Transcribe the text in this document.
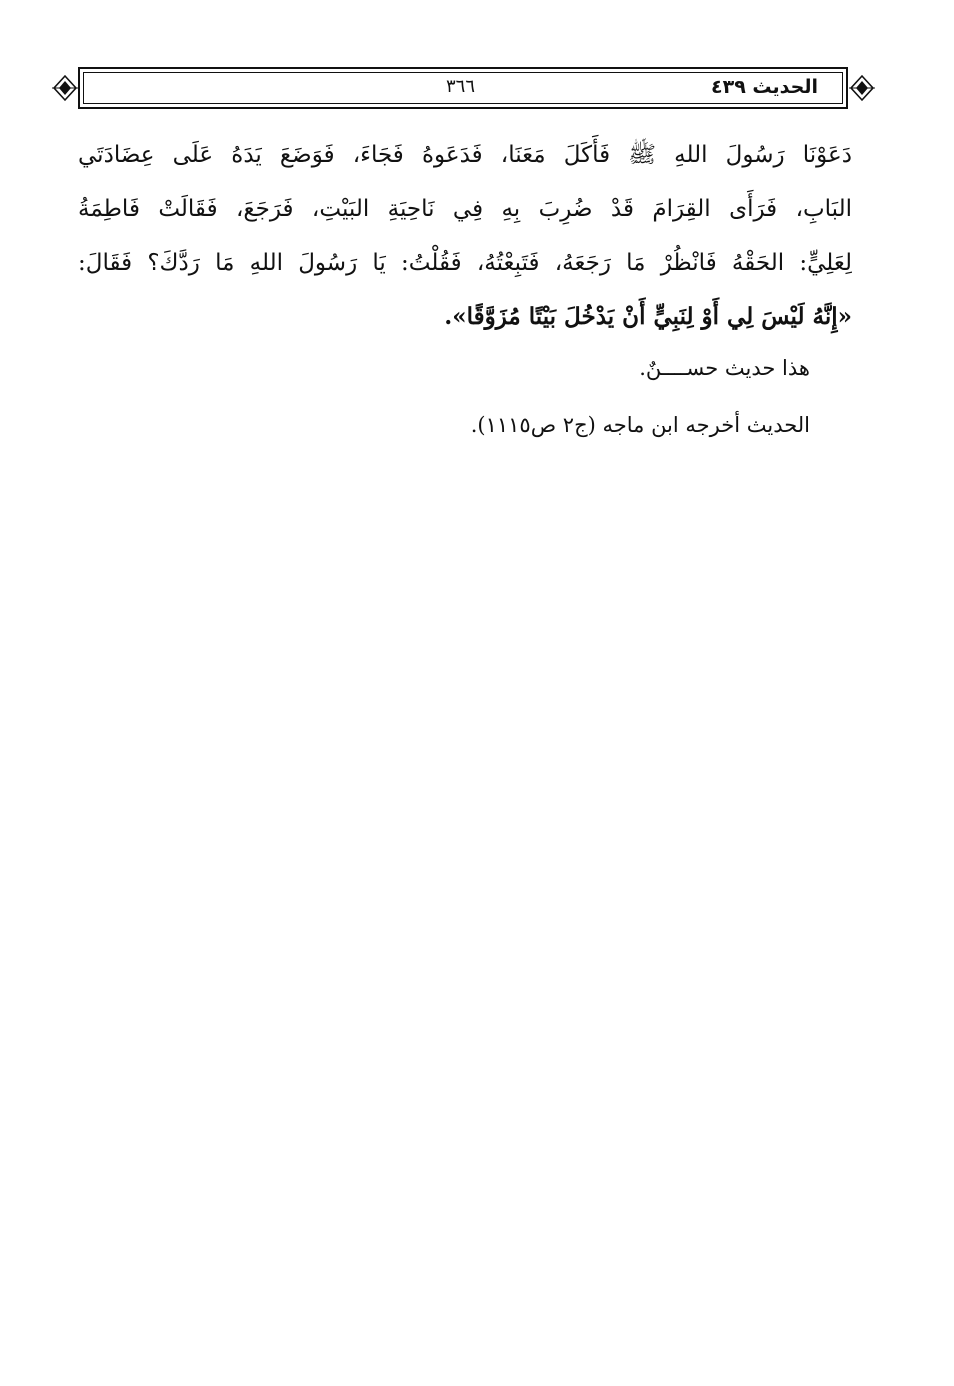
الحديث ٤٣٩
٣٦٦
دَعَوْنَا رَسُولَ اللهِ ﷺ فَأَكَلَ مَعَنَا، فَدَعَوهُ فَجَاءَ، فَوَضَعَ يَدَهُ عَلَى عِضَادَتَي
البَابِ، فَرَأَى القِرَامَ قَدْ ضُرِبَ بِهِ فِي نَاحِيَةِ البَيْتِ، فَرَجَعَ، فَقَالَتْ فَاطِمَةُ
لِعَلِيٍّ: الحَقْهُ فَانْظُرْ مَا رَجَعَهُ، فَتَبِعْتُهُ، فَقُلْتُ: يَا رَسُولَ اللهِ مَا رَدَّكَ؟ فَقَالَ:
«إِنَّهُ لَيْسَ لِي أَوْ لِنَبِيٍّ أَنْ يَدْخُلَ بَيْتًا مُزَوَّقًا».
هذا حديث حســــنٌ.
الحديث أخرجه ابن ماجه (ج٢ ص١١١٥).
